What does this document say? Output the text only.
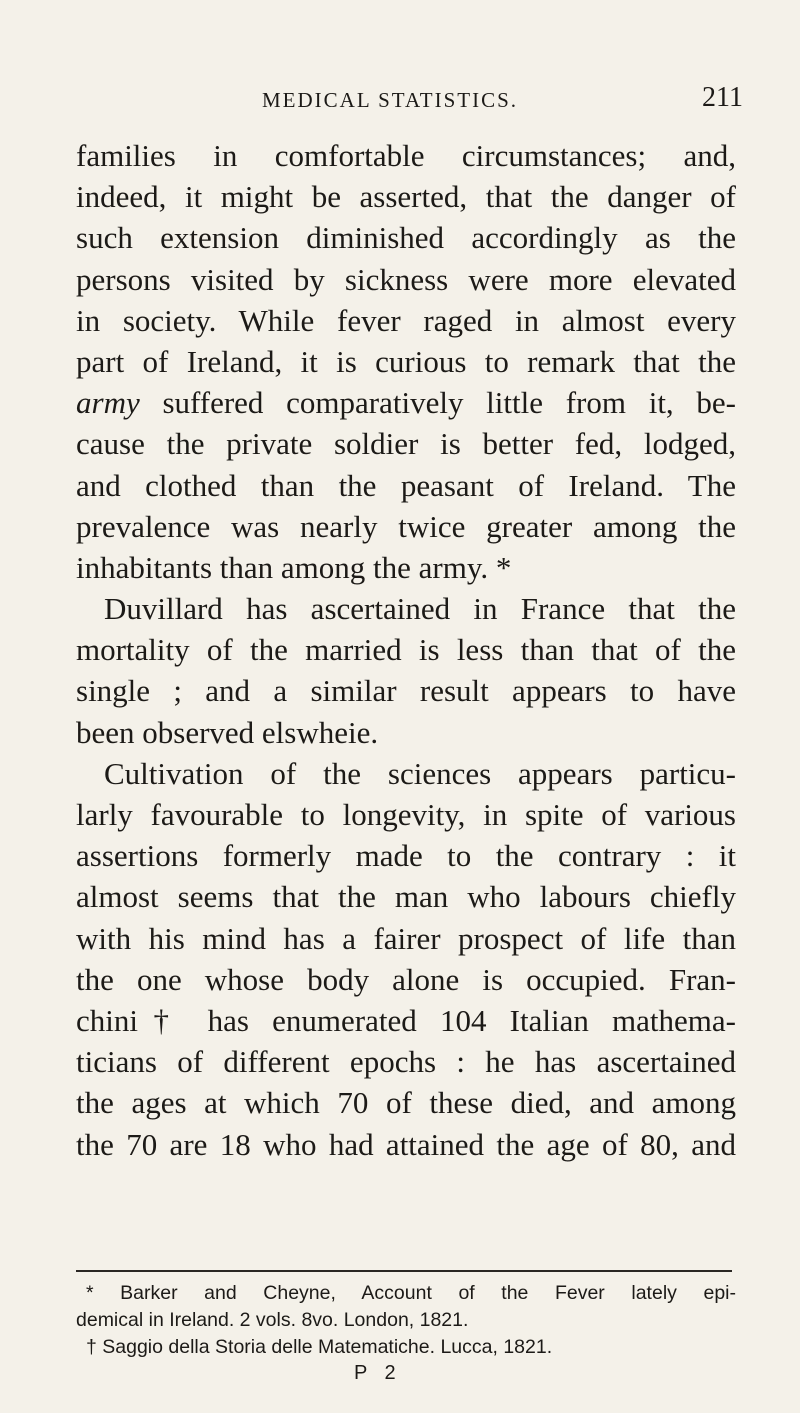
MEDICAL STATISTICS.	211
families in comfortable circumstances; and,
indeed, it might be asserted, that the danger of
such extension diminished accordingly as the
persons visited by sickness were more elevated
in society. While fever raged in almost every
part of Ireland, it is curious to remark that the
army suffered comparatively little from it, be-
cause the private soldier is better fed, lodged,
and clothed than the peasant of Ireland. The
prevalence was nearly twice greater among the
inhabitants than among the army. *
Duvillard has ascertained in France that the
mortality of the married is less than that of the
single ; and a similar result appears to have
been observed elswheie.
Cultivation of the sciences appears particu-
larly favourable to longevity, in spite of various
assertions formerly made to the contrary : it
almost seems that the man who labours chiefly
with his mind has a fairer prospect of life than
the one whose body alone is occupied. Fran-
chini† has enumerated 104 Italian mathema-
ticians of different epochs : he has ascertained
the ages at which 70 of these died, and among
the 70 are 18 who had attained the age of 80, and
* Barker and Cheyne, Account of the Fever lately epi-
demical in Ireland. 2 vols. 8vo. London, 1821.
† Saggio della Storia delle Matematiche. Lucca, 1821.
P 2
